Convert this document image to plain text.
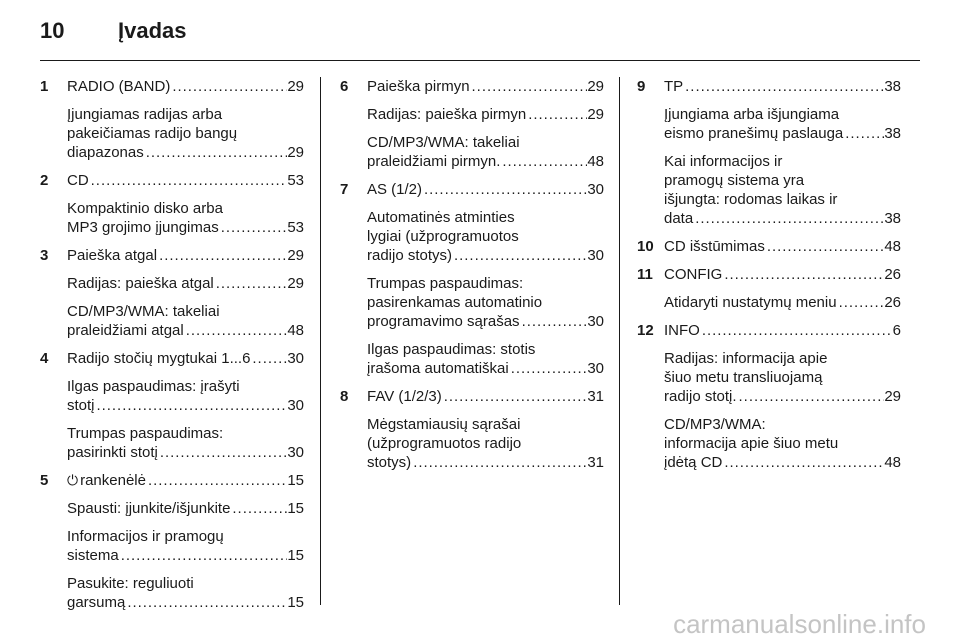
10 Įvadas
1 RADIO (BAND) . . .	29
Įjungiamas radijas arba
pakeičiamas radijo bangų
diapazonas . . .	29
2 CD . . .	53
Kompaktinio disko arba
MP3 grojimo įjungimas . . .	53
3 Paieška atgal . . .	29
Radijas: paieška atgal . . .	29
CD/MP3/WMA: takeliai
praleidžiami atgal . . .	48
4 Radijo stočių mygtukai 1...6 . . . 30
Ilgas paspaudimas: įrašyti
stotį . . .	30
Trumpas paspaudimas:
pasirinkti stotį . . .	30
5 ⏻ rankenėlė . . .	15
Spausti: įjunkite/išjunkite . . .	15
Informacijos ir pramogų
sistema . . .	15
Pasukite: reguliuoti
garsumą . . .	15
6 Paieška pirmyn . . .	29
Radijas: paieška pirmyn . . .	29
CD/MP3/WMA: takeliai
praleidžiami pirmyn. . . .	48
7 AS (1/2) . . .	30
Automatinės atminties
lygiai (užprogramuotos
radijo stotys) . . .	30
Trumpas paspaudimas:
pasirenkamas automatinio
programavimo sąrašas . . .	30
Ilgas paspaudimas: stotis
įrašoma automatiškai . . .	30
8 FAV (1/2/3) . . .	31
Mėgstamiausių sąrašai
(užprogramuotos radijo
stotys) . . .	31
9 TP . . .	38
Įjungiama arba išjungiama
eismo pranešimų paslauga . . .	38
Kai informacijos ir
pramogų sistema yra
išjungta: rodomas laikas ir
data . . .	38
10 CD išstūmimas . . .	48
11 CONFIG . . .	26
Atidaryti nustatymų meniu . . .	26
12 INFO . . .	6
Radijas: informacija apie
šiuo metu transliuojamą
radijo stotį. . . .	29
CD/MP3/WMA:
informacija apie šiuo metu
įdėtą CD . . .	48
carmanualsonline.info
